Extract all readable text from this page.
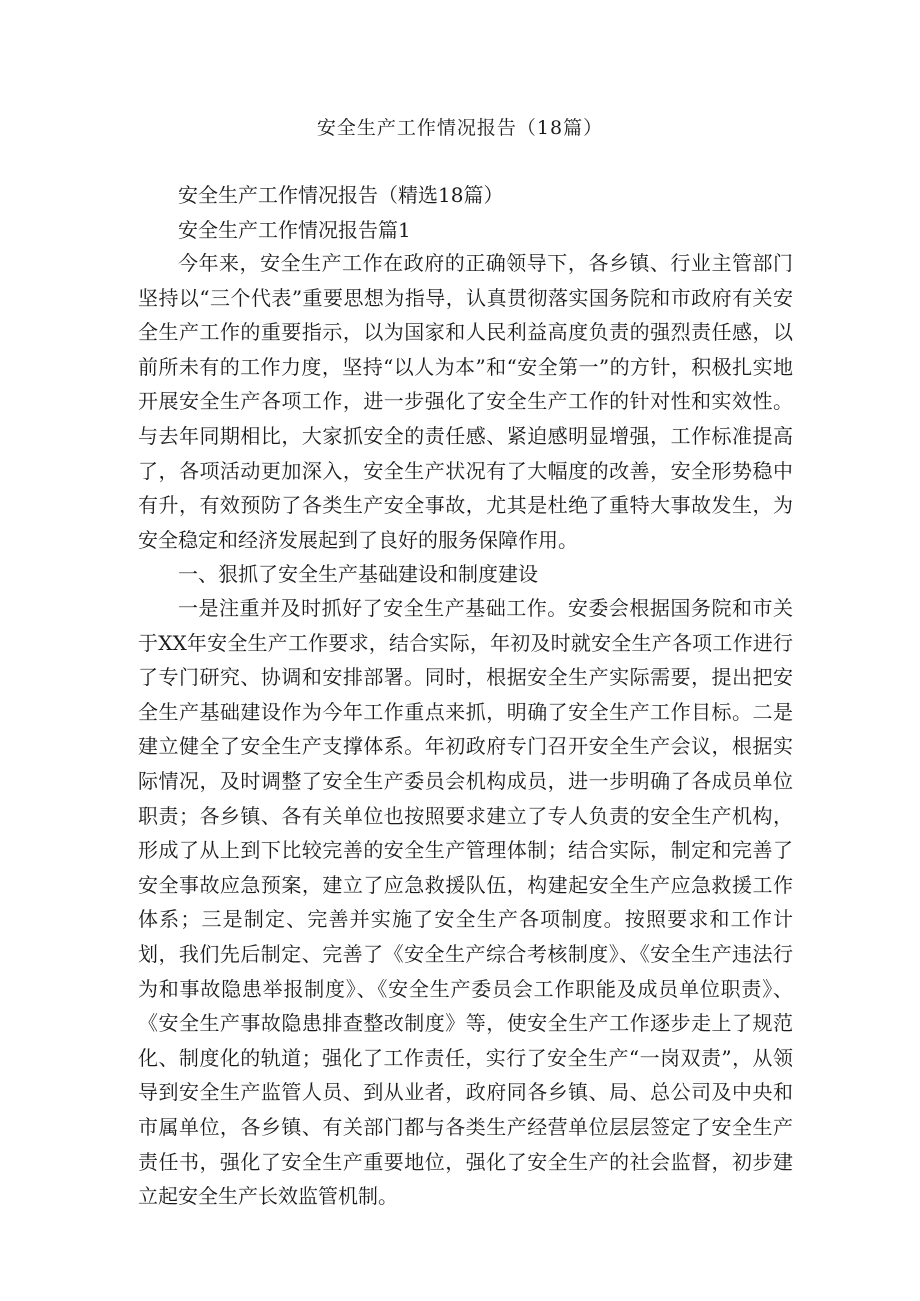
安全生产工作情况报告（18篇）
安全生产工作情况报告（精选18篇）
安全生产工作情况报告篇1

今年来，安全生产工作在政府的正确领导下，各乡镇、行业主管部门坚持以“三个代表”重要思想为指导，认真贯彻落实国务院和市政府有关安全生产工作的重要指示，以为国家和人民利益高度负责的强烈责任感，以前所未有的工作力度，坚持“以人为本”和“安全第一”的方针，积极扎实地开展安全生产各项工作，进一步强化了安全生产工作的针对性和实效性。与去年同期相比，大家抓安全的责任感、紧迫感明显增强，工作标准提高了，各项活动更加深入，安全生产状况有了大幅度的改善，安全形势稳中有升，有效预防了各类生产安全事故，尤其是杜绝了重特大事故发生，为安全稳定和经济发展起到了良好的服务保障作用。

一、狠抓了安全生产基础建设和制度建设

一是注重并及时抓好了安全生产基础工作。安委会根据国务院和市关于XX年安全生产工作要求，结合实际，年初及时就安全生产各项工作进行了专门研究、协调和安排部署。同时，根据安全生产实际需要，提出把安全生产基础建设作为今年工作重点来抓，明确了安全生产工作目标。二是建立健全了安全生产支撑体系。年初政府专门召开安全生产会议，根据实际情况，及时调整了安全生产委员会机构成员，进一步明确了各成员单位职责；各乡镇、各有关单位也按照要求建立了专人负责的安全生产机构，形成了从上到下比较完善的安全生产管理体制；结合实际，制定和完善了安全事故应急预案，建立了应急救援队伍，构建起安全生产应急救援工作体系；三是制定、完善并实施了安全生产各项制度。按照要求和工作计划，我们先后制定、完善了《安全生产综合考核制度》、《安全生产违法行为和事故隐患举报制度》、《安全生产委员会工作职能及成员单位职责》、《安全生产事故隐患排查整改制度》等，使安全生产工作逐步走上了规范化、制度化的轨道；强化了工作责任，实行了安全生产“一岗双责”，从领导到安全生产监管人员、到从业者，政府同各乡镇、局、总公司及中央和市属单位，各乡镇、有关部门都与各类生产经营单位层层签定了安全生产责任书，强化了安全生产重要地位，强化了安全生产的社会监督，初步建立起安全生产长效监管机制。
